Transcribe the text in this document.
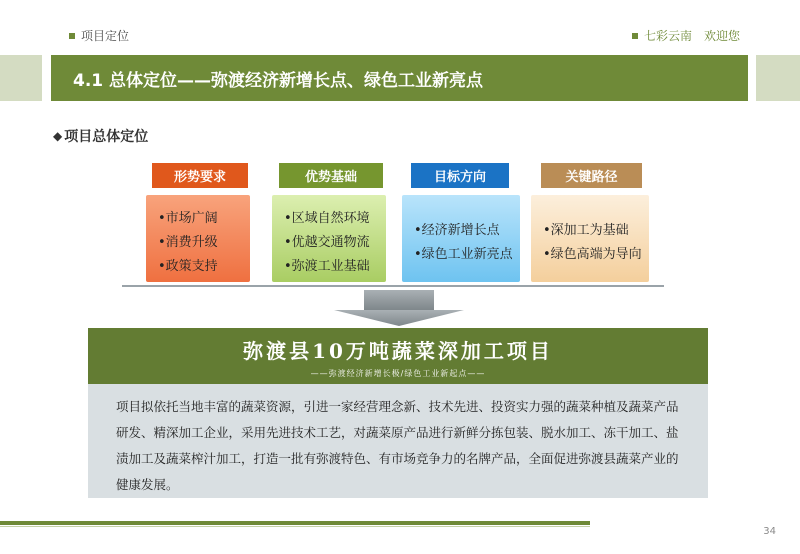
项目定位	七彩云南　欢迎您
4.1 总体定位——弥渡经济新增长点、绿色工业新亮点
◆ 项目总体定位
形势要求
•市场广阔
•消费升级
•政策支持
优势基础
•区域自然环境
•优越交通物流
•弥渡工业基础
目标方向
•经济新增长点
•绿色工业新亮点
关键路径
•深加工为基础
•绿色高端为导向
弥渡县10万吨蔬菜深加工项目
——弥渡经济新增长极/绿色工业新起点——
项目拟依托当地丰富的蔬菜资源，引进一家经营理念新、技术先进、投资实力强的蔬菜种植及蔬菜产品研发、精深加工企业，采用先进技术工艺，对蔬菜原产品进行新鲜分拣包装、脱水加工、冻干加工、盐渍加工及蔬菜榨汁加工，打造一批有弥渡特色、有市场竞争力的名牌产品，全面促进弥渡县蔬菜产业的健康发展。
34
